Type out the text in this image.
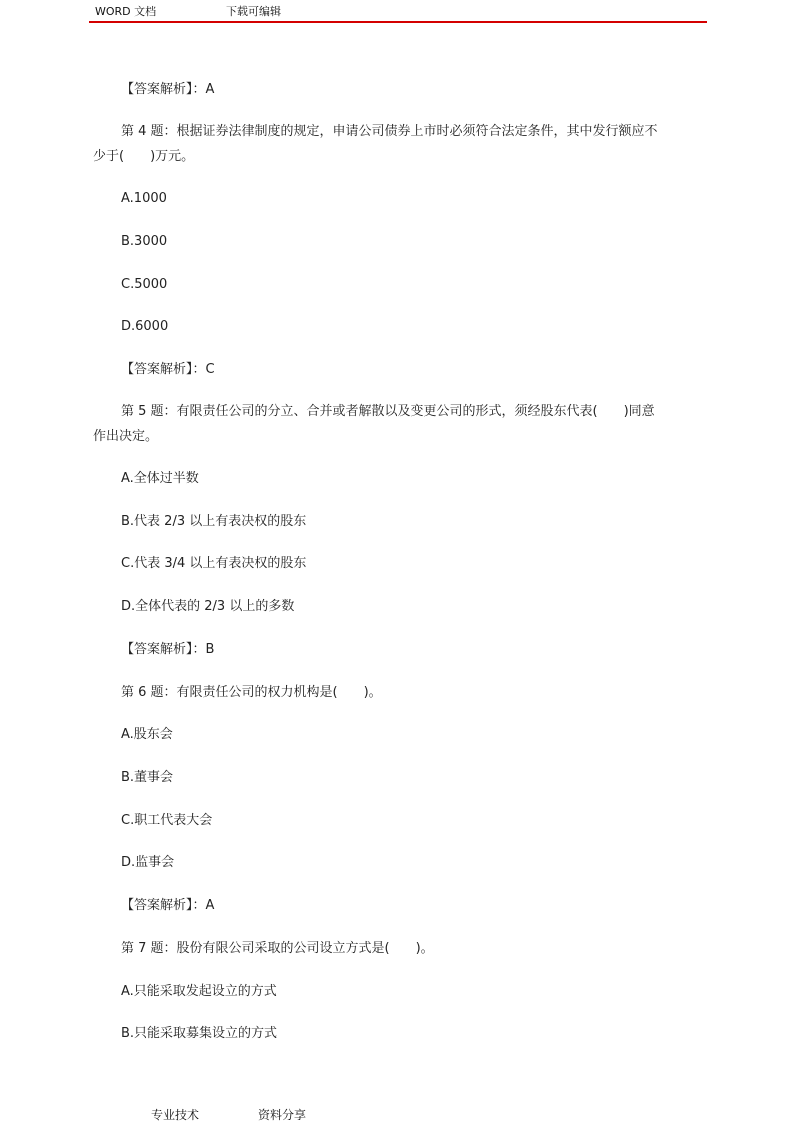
WORD 文档	下载可编辑
【答案解析】：A
第 4 题：根据证券法律制度的规定，申请公司债券上市时必须符合法定条件，其中发行额应不
少于(　　)万元。
A.1000
B.3000
C.5000
D.6000
【答案解析】：C
第 5 题：有限责任公司的分立、合并或者解散以及变更公司的形式，须经股东代表(　　)同意
作出决定。
A.全体过半数
B.代表 2/3 以上有表决权的股东
C.代表 3/4 以上有表决权的股东
D.全体代表的 2/3 以上的多数
【答案解析】：B
第 6 题：有限责任公司的权力机构是(　　)。
A.股东会
B.董事会
C.职工代表大会
D.监事会
【答案解析】：A
第 7 题：股份有限公司采取的公司设立方式是(　　)。
A.只能采取发起设立的方式
B.只能采取募集设立的方式
专业技术	资料分享
